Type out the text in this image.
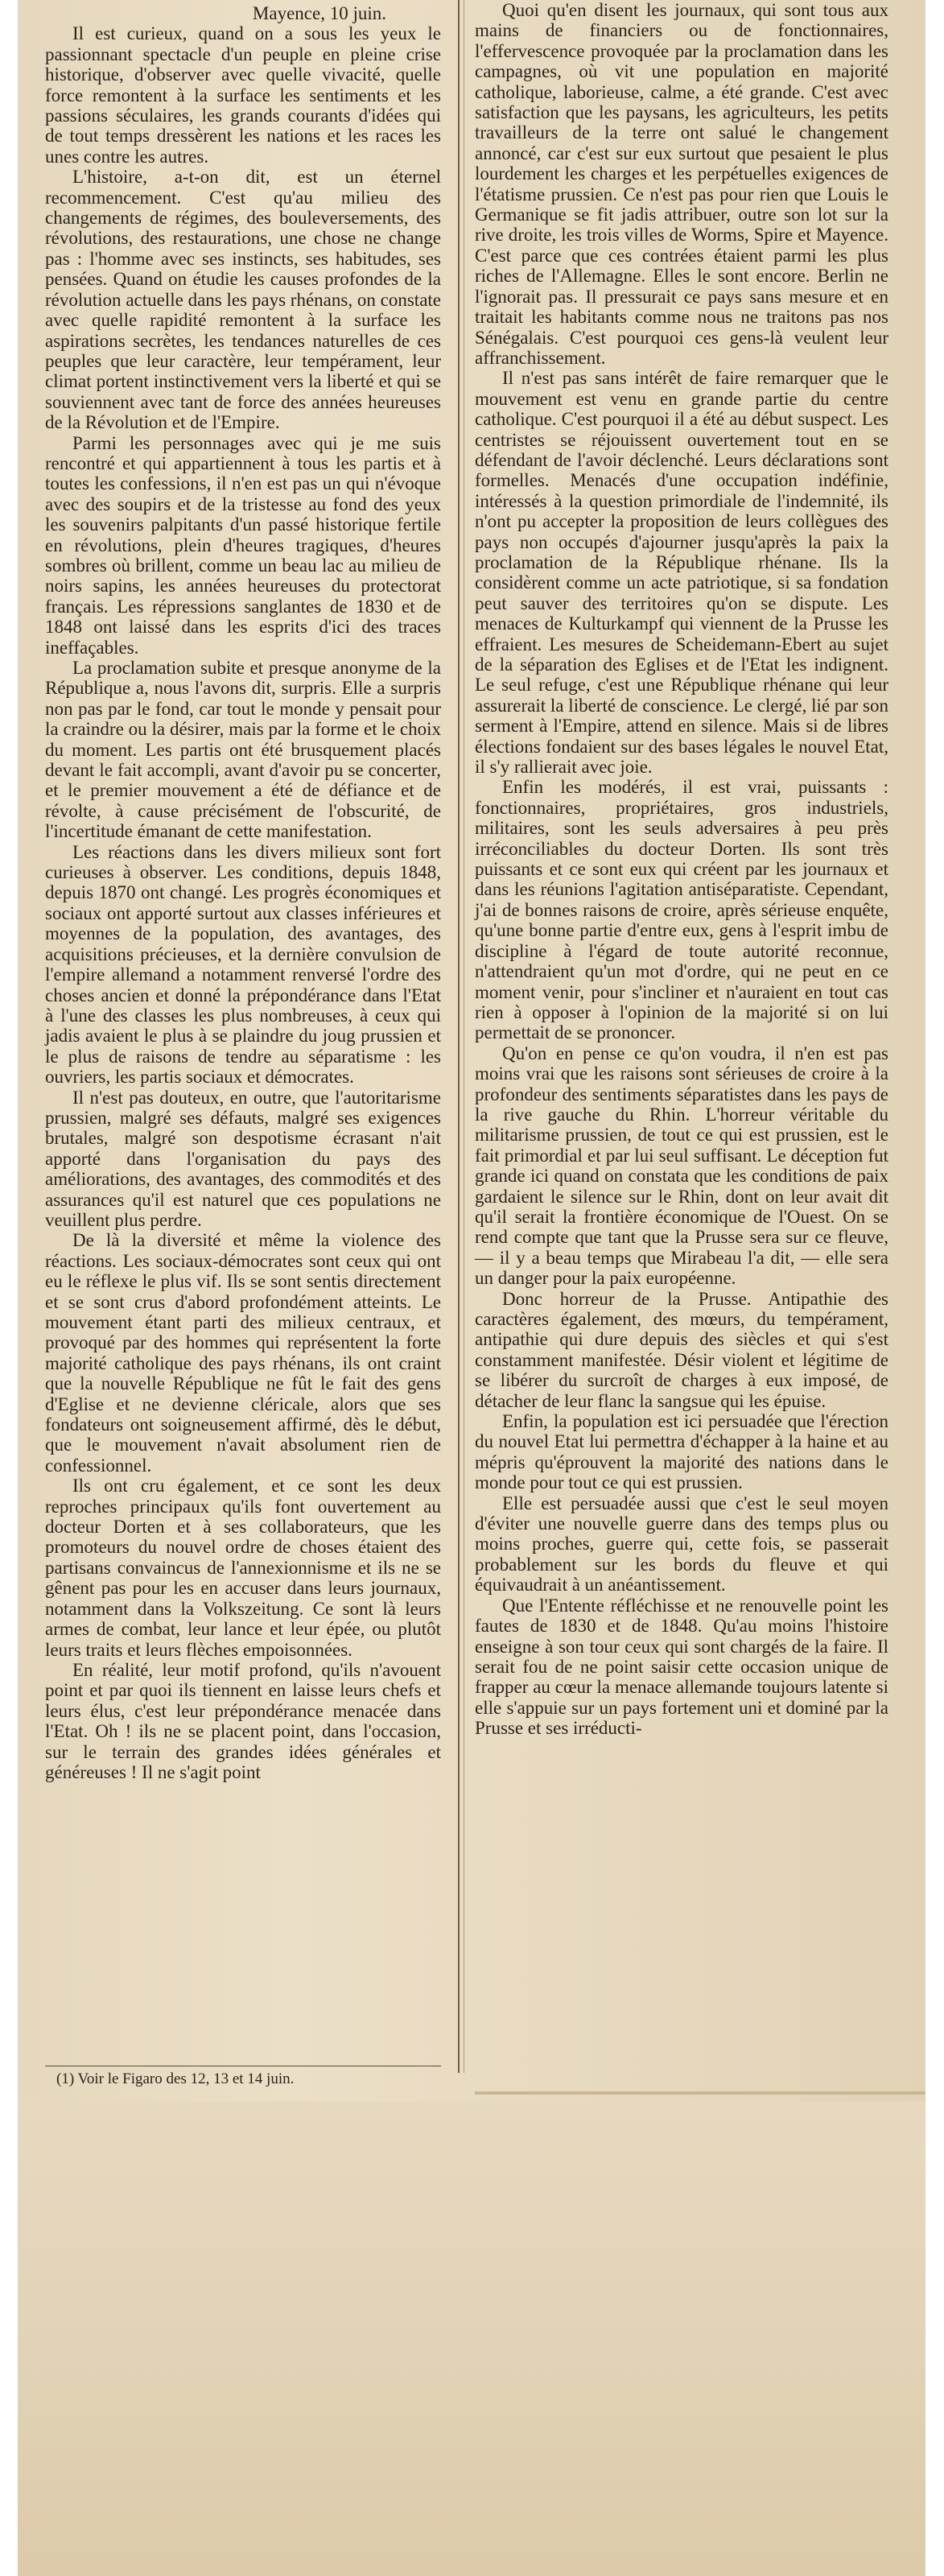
Mayence, 10 juin.

Il est curieux, quand on a sous les yeux le passionnant spectacle d'un peuple en pleine crise historique, d'observer avec quelle vivacité, quelle force remontent à la surface les sentiments et les passions séculaires, les grands courants d'idées qui de tout temps dressèrent les nations et les races les unes contre les autres.

L'histoire, a-t-on dit, est un éternel recommencement. C'est qu'au milieu des changements de régimes, des bouleversements, des révolutions, des restaurations, une chose ne change pas : l'homme avec ses instincts, ses habitudes, ses pensées. Quand on étudie les causes profondes de la révolution actuelle dans les pays rhénans, on constate avec quelle rapidité remontent à la surface les aspirations secrètes, les tendances naturelles de ces peuples que leur caractère, leur tempérament, leur climat portent instinctivement vers la liberté et qui se souviennent avec tant de force des années heureuses de la Révolution et de l'Empire.

Parmi les personnages avec qui je me suis rencontré et qui appartiennent à tous les partis et à toutes les confessions, il n'en est pas un qui n'évoque avec des soupirs et de la tristesse au fond des yeux les souvenirs palpitants d'un passé historique fertile en révolutions, plein d'heures tragiques, d'heures sombres où brillent, comme un beau lac au milieu de noirs sapins, les années heureuses du protectorat français. Les répressions sanglantes de 1830 et de 1848 ont laissé dans les esprits d'ici des traces ineffaçables.

La proclamation subite et presque anonyme de la République a, nous l'avons dit, surpris. Elle a surpris non pas par le fond, car tout le monde y pensait pour la craindre ou la désirer, mais par la forme et le choix du moment. Les partis ont été brusquement placés devant le fait accompli, avant d'avoir pu se concerter, et le premier mouvement a été de défiance et de révolte, à cause précisément de l'obscurité, de l'incertitude émanant de cette manifestation.

Les réactions dans les divers milieux sont fort curieuses à observer. Les conditions, depuis 1848, depuis 1870 ont changé. Les progrès économiques et sociaux ont apporté surtout aux classes inférieures et moyennes de la population, des avantages, des acquisitions précieuses, et la dernière convulsion de l'empire allemand a notamment renversé l'ordre des choses ancien et donné la prépondérance dans l'Etat à l'une des classes les plus nombreuses, à ceux qui jadis avaient le plus à se plaindre du joug prussien et le plus de raisons de tendre au séparatisme : les ouvriers, les partis sociaux et démocrates.

Il n'est pas douteux, en outre, que l'autoritarisme prussien, malgré ses défauts, malgré ses exigences brutales, malgré son despotisme écrasant n'ait apporté dans l'organisation du pays des améliorations, des avantages, des commodités et des assurances qu'il est naturel que ces populations ne veuillent plus perdre.

De là la diversité et même la violence des réactions. Les sociaux-démocrates sont ceux qui ont eu le réflexe le plus vif. Ils se sont sentis directement et se sont crus d'abord profondément atteints. Le mouvement étant parti des milieux centraux, et provoqué par des hommes qui représentent la forte majorité catholique des pays rhénans, ils ont craint que la nouvelle République ne fût le fait des gens d'Eglise et ne devienne cléricale, alors que ses fondateurs ont soigneusement affirmé, dès le début, que le mouvement n'avait absolument rien de confessionnel.

Ils ont cru également, et ce sont les deux reproches principaux qu'ils font ouvertement au docteur Dorten et à ses collaborateurs, que les promoteurs du nouvel ordre de choses étaient des partisans convaincus de l'annexionnisme et ils ne se gênent pas pour les en accuser dans leurs journaux, notamment dans la Volkszeitung. Ce sont là leurs armes de combat, leur lance et leur épée, ou plutôt leurs traits et leurs flèches empoisonnées.

En réalité, leur motif profond, qu'ils n'avouent point et par quoi ils tiennent en laisse leurs chefs et leurs élus, c'est leur prépondérance menacée dans l'Etat. Oh ! ils ne se placent point, dans l'occasion, sur le terrain des grandes idées générales et généreuses ! Il ne s'agit point

Quoi qu'en disent les journaux, qui sont tous aux mains de financiers ou de fonctionnaires, l'effervescence provoquée par la proclamation dans les campagnes, où vit une population en majorité catholique, laborieuse, calme, a été grande. C'est avec satisfaction que les paysans, les agriculteurs, les petits travailleurs de la terre ont salué le changement annoncé, car c'est sur eux surtout que pesaient le plus lourdement les charges et les perpétuelles exigences de l'étatisme prussien. Ce n'est pas pour rien que Louis le Germanique se fit jadis attribuer, outre son lot sur la rive droite, les trois villes de Worms, Spire et Mayence. C'est parce que ces contrées étaient parmi les plus riches de l'Allemagne. Elles le sont encore. Berlin ne l'ignorait pas. Il pressurait ce pays sans mesure et en traitait les habitants comme nous ne traitons pas nos Sénégalais. C'est pourquoi ces gens-là veulent leur affranchissement.

Il n'est pas sans intérêt de faire remarquer que le mouvement est venu en grande partie du centre catholique. C'est pourquoi il a été au début suspect. Les centristes se réjouissent ouvertement tout en se défendant de l'avoir déclenché. Leurs déclarations sont formelles. Menacés d'une occupation indéfinie, intéressés à la question primordiale de l'indemnité, ils n'ont pu accepter la proposition de leurs collègues des pays non occupés d'ajourner jusqu'après la paix la proclamation de la République rhénane. Ils la considèrent comme un acte patriotique, si sa fondation peut sauver des territoires qu'on se dispute. Les menaces de Kulturkampf qui viennent de la Prusse les effraient. Les mesures de Scheidemann-Ebert au sujet de la séparation des Eglises et de l'Etat les indignent. Le seul refuge, c'est une République rhénane qui leur assurerait la liberté de conscience. Le clergé, lié par son serment à l'Empire, attend en silence. Mais si de libres élections fondaient sur des bases légales le nouvel Etat, il s'y rallierait avec joie.

Enfin les modérés, il est vrai, puissants : fonctionnaires, propriétaires, gros industriels, militaires, sont les seuls adversaires à peu près irréconciliables du docteur Dorten. Ils sont très puissants et ce sont eux qui créent par les journaux et dans les réunions l'agitation antiséparatiste. Cependant, j'ai de bonnes raisons de croire, après sérieuse enquête, qu'une bonne partie d'entre eux, gens à l'esprit imbu de discipline à l'égard de toute autorité reconnue, n'attendraient qu'un mot d'ordre, qui ne peut en ce moment venir, pour s'incliner et n'auraient en tout cas rien à opposer à l'opinion de la majorité si on lui permettait de se prononcer.

Qu'on en pense ce qu'on voudra, il n'en est pas moins vrai que les raisons sont sérieuses de croire à la profondeur des sentiments séparatistes dans les pays de la rive gauche du Rhin. L'horreur véritable du militarisme prussien, de tout ce qui est prussien, est le fait primordial et par lui seul suffisant. Le déception fut grande ici quand on constata que les conditions de paix gardaient le silence sur le Rhin, dont on leur avait dit qu'il serait la frontière économique de l'Ouest. On se rend compte que tant que la Prusse sera sur ce fleuve, — il y a beau temps que Mirabeau l'a dit, — elle sera un danger pour la paix européenne.

Donc horreur de la Prusse. Antipathie des caractères également, des mœurs, du tempérament, antipathie qui dure depuis des siècles et qui s'est constamment manifestée. Désir violent et légitime de se libérer du surcroît de charges à eux imposé, de détacher de leur flanc la sangsue qui les épuise.

Enfin, la population est ici persuadée que l'érection du nouvel Etat lui permettra d'échapper à la haine et au mépris qu'éprouvent la majorité des nations dans le monde pour tout ce qui est prussien.

Elle est persuadée aussi que c'est le seul moyen d'éviter une nouvelle guerre dans des temps plus ou moins proches, guerre qui, cette fois, se passerait probablement sur les bords du fleuve et qui équivaudrait à un anéantissement.

Que l'Entente réfléchisse et ne renouvelle point les fautes de 1830 et de 1848. Qu'au moins l'histoire enseigne à son tour ceux qui sont chargés de la faire. Il serait fou de ne point saisir cette occasion unique de frapper au cœur la menace allemande toujours latente si elle s'appuie sur un pays fortement uni et dominé par la Prusse et ses irréducti-

(1) Voir le Figaro des 12, 13 et 14 juin.
